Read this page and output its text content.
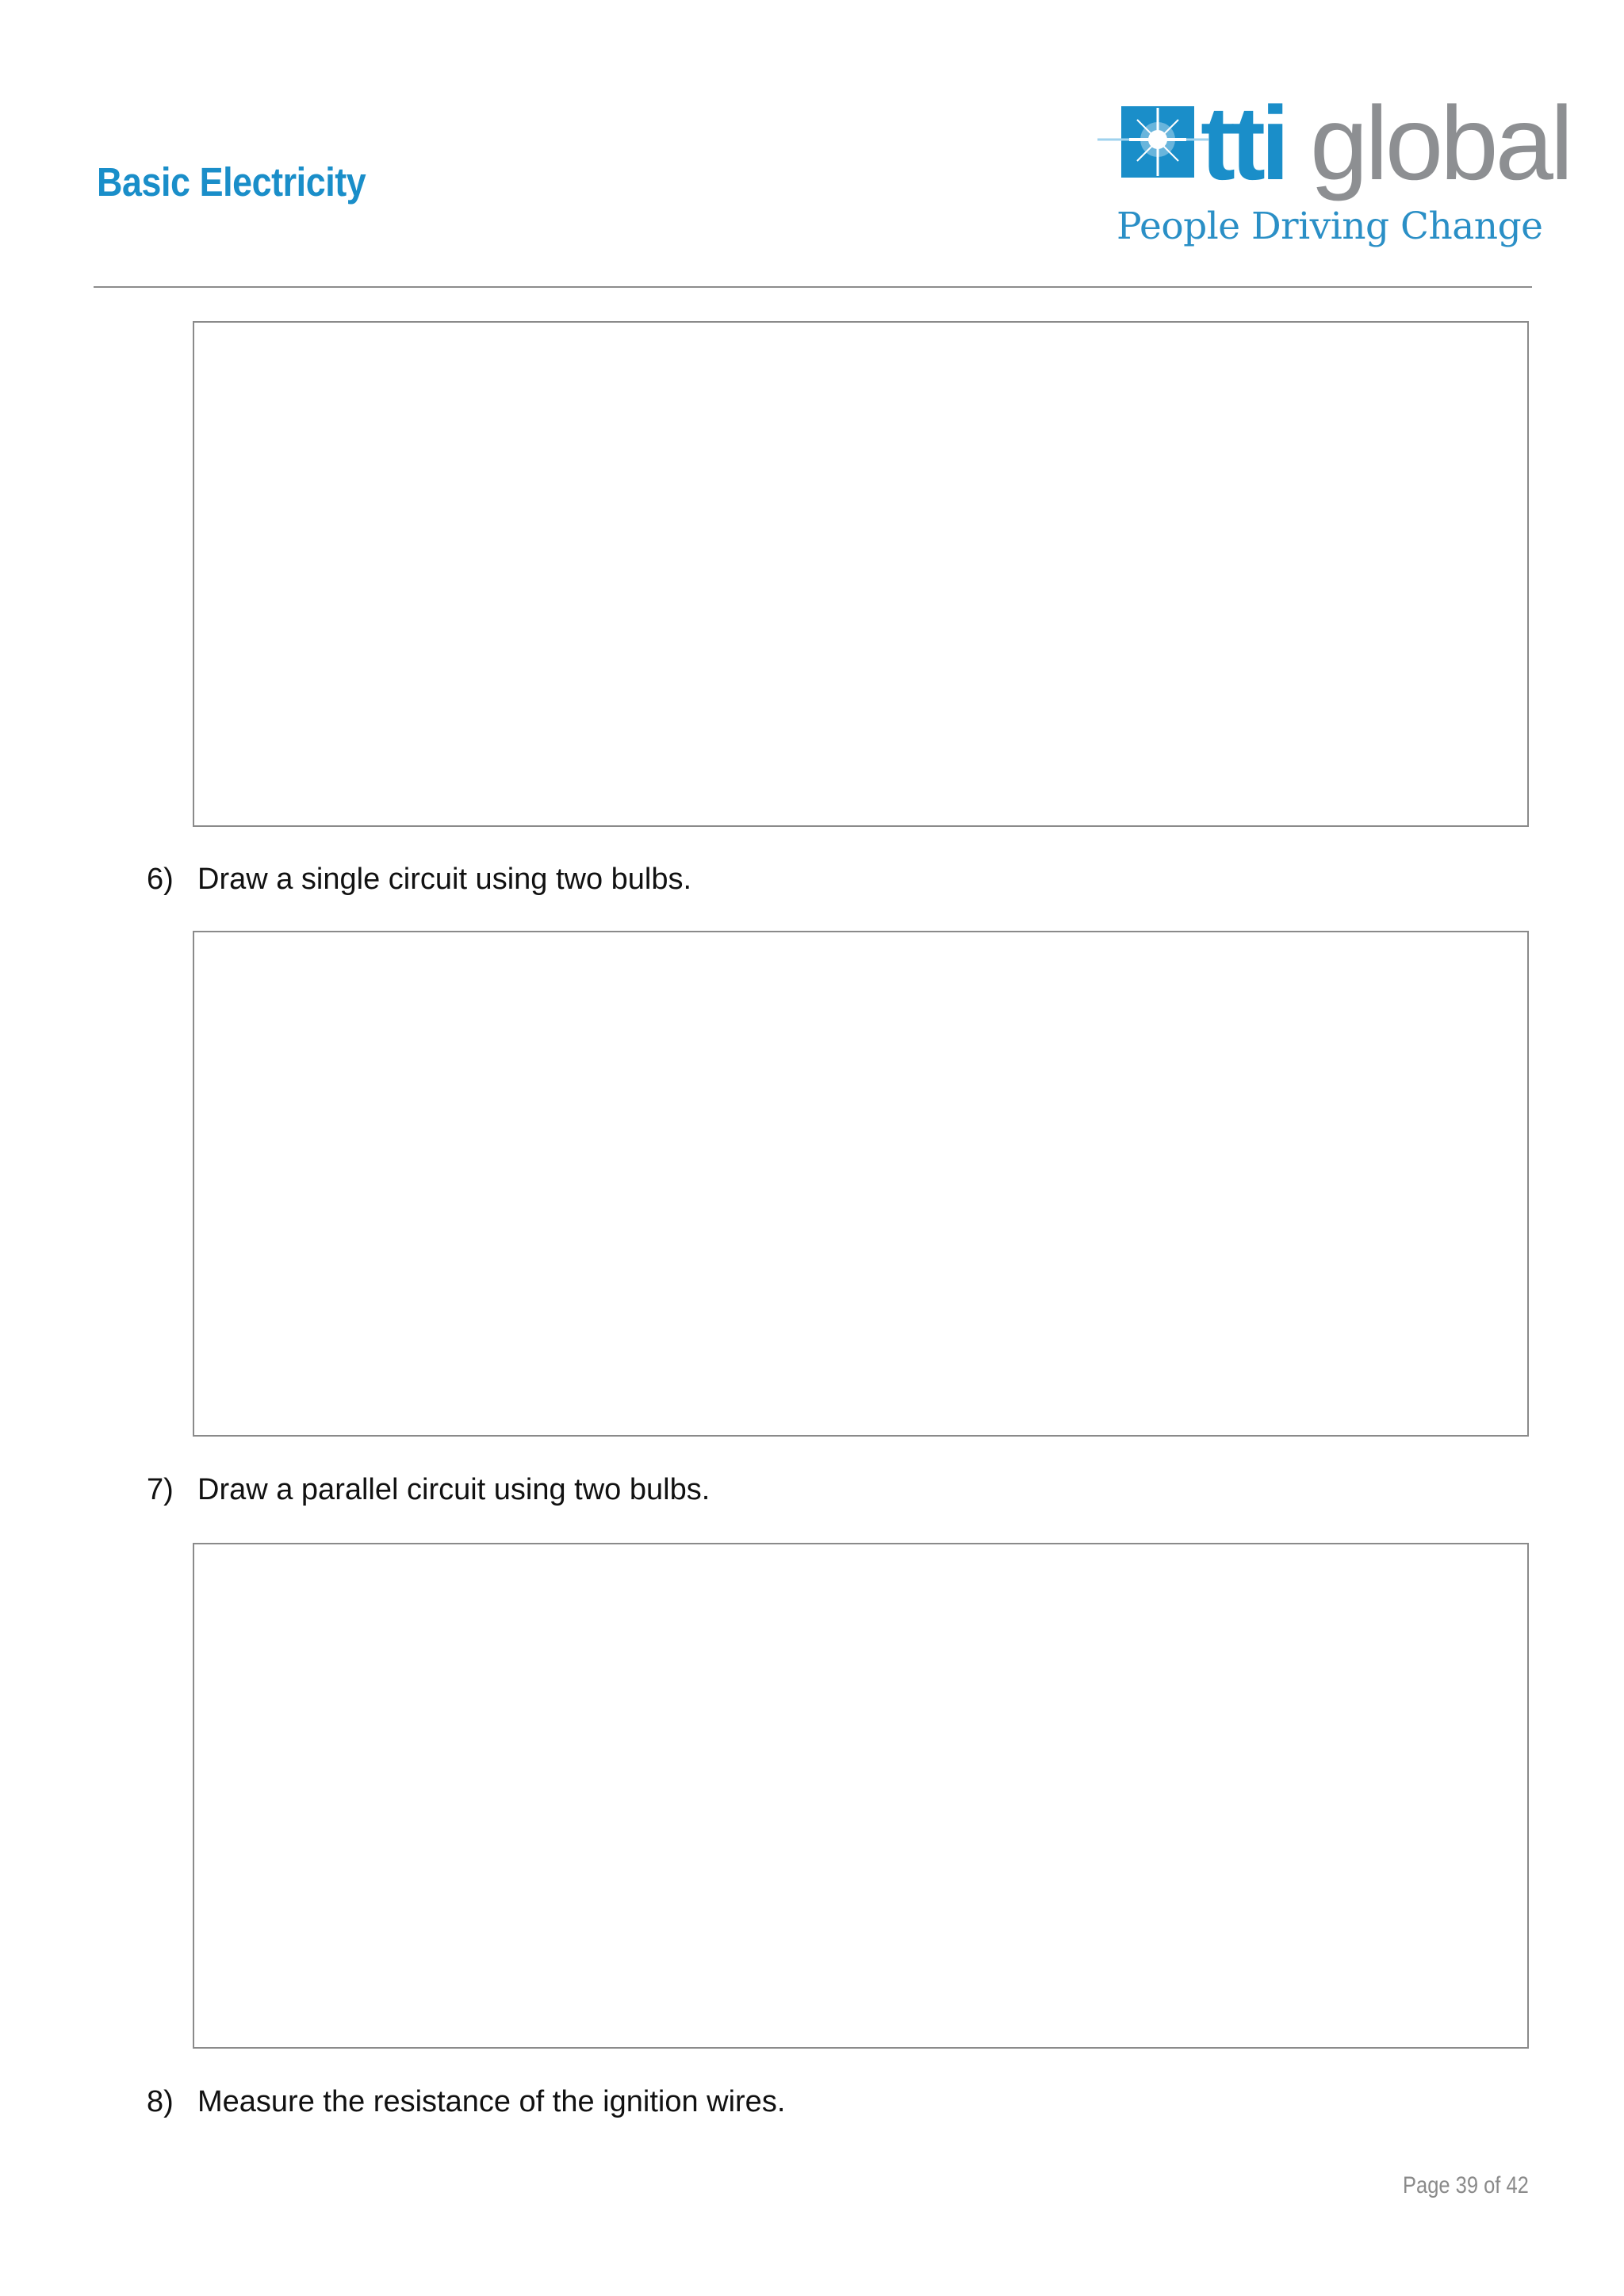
Basic Electricity	tti global
People Driving Change
6) Draw a single circuit using two bulbs.
7) Draw a parallel circuit using two bulbs.
8) Measure the resistance of the ignition wires.
Page 39 of 42
